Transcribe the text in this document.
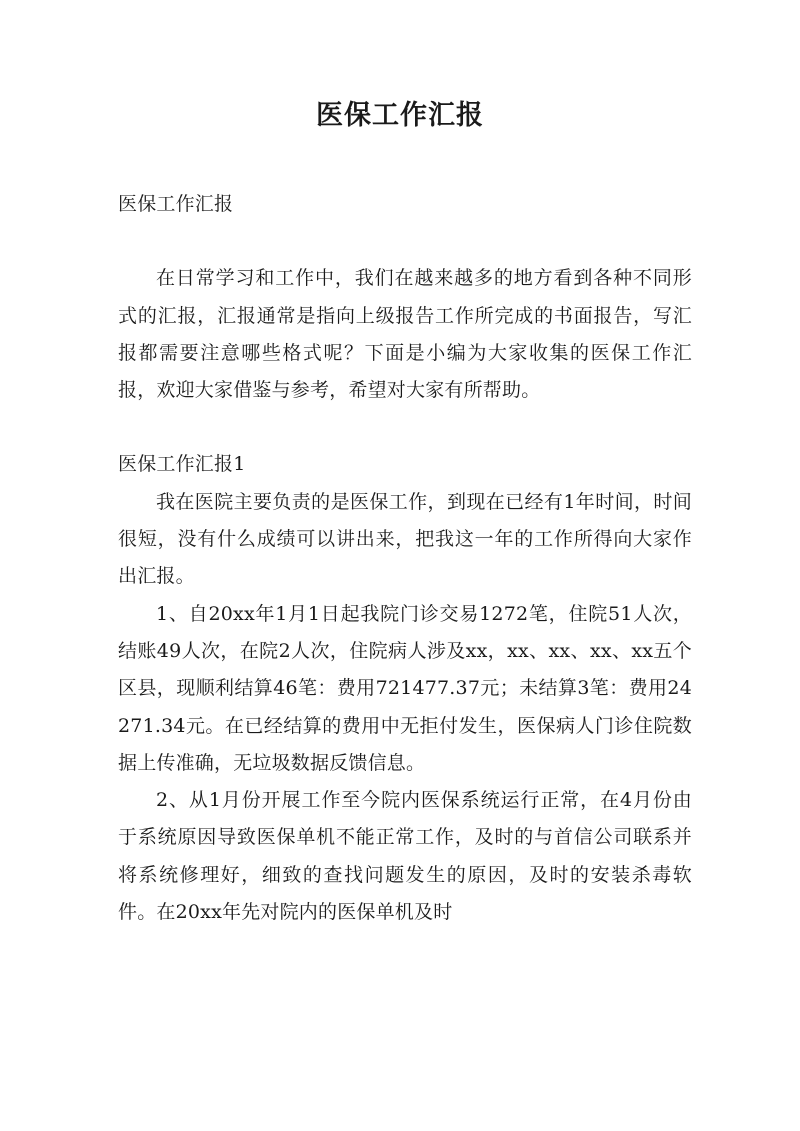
医保工作汇报

医保工作汇报

在日常学习和工作中，我们在越来越多的地方看到各种不同形式的汇报，汇报通常是指向上级报告工作所完成的书面报告，写汇报都需要注意哪些格式呢？下面是小编为大家收集的医保工作汇报，欢迎大家借鉴与参考，希望对大家有所帮助。

医保工作汇报1

我在医院主要负责的是医保工作，到现在已经有1年时间，时间很短，没有什么成绩可以讲出来，把我这一年的工作所得向大家作出汇报。

1、自20xx年1月1日起我院门诊交易1272笔，住院51人次，结账49人次，在院2人次，住院病人涉及xx，xx、xx、xx、xx五个区县，现顺利结算46笔：费用721477.37元；未结算3笔：费用24271.34元。在已经结算的费用中无拒付发生，医保病人门诊住院数据上传准确，无垃圾数据反馈信息。

2、从1月份开展工作至今院内医保系统运行正常，在4月份由于系统原因导致医保单机不能正常工作，及时的与首信公司联系并将系统修理好，细致的查找问题发生的原因，及时的安装杀毒软件。在20xx年先对院内的医保单机及时
